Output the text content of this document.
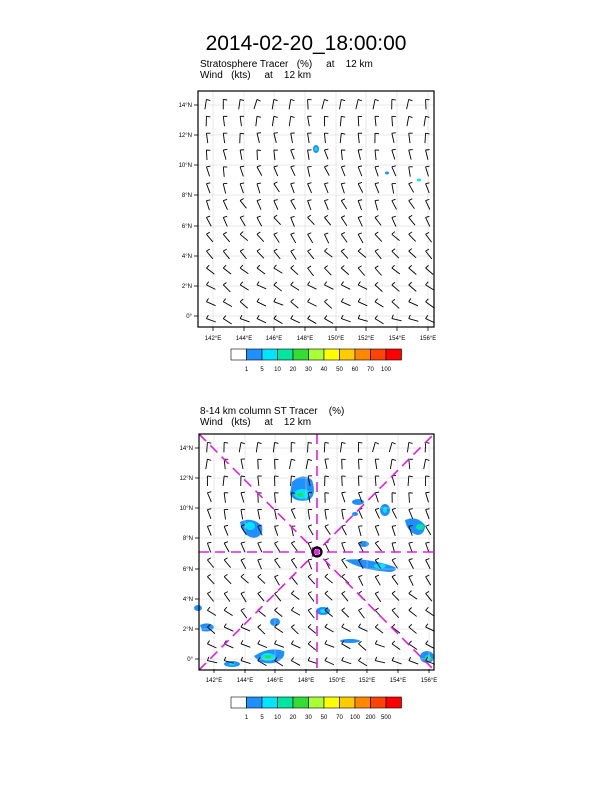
2014-02-20_18:00:00
Stratosphere Tracer   (%)     at    12 km
Wind   (kts)     at    12 km
8-14 km column ST Tracer    (%)
Wind   (kts)     at    12 km
142°E 144°E 146°E 148°E 150°E 152°E 154°E 156°E
0°
2°N
4°N
6°N
8°N
10°N
12°N
14°N
142°E 144°E 146°E 148°E 150°E 152°E 154°E 156°E
0°
2°N
4°N
6°N
8°N
10°N
12°N
14°N
1 5 10 20 30 40 50 60 70 100
1 5 10 20 30 50 70 100 200 500
